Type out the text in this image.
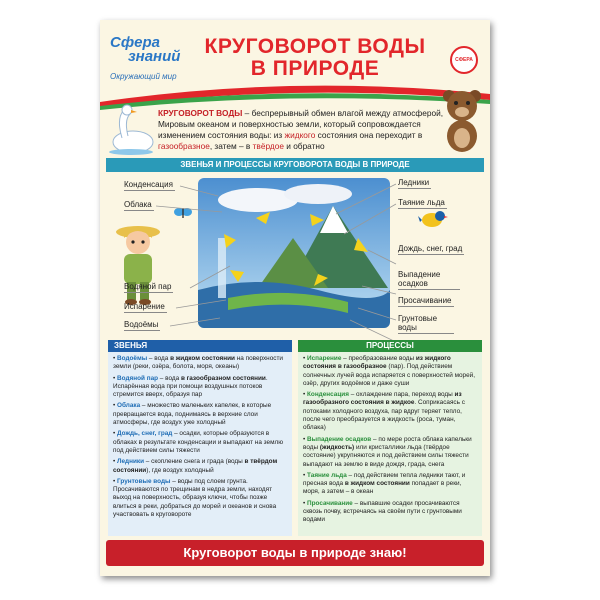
Сфера
знаний
Окружающий мир
КРУГОВОРОТ ВОДЫ
В ПРИРОДЕ	СФЕРА
КРУГОВОРОТ ВОДЫ – беспрерывный обмен влагой между атмосферой, Мировым океаном и поверхностью земли, который сопровождается изменением состояния воды: из жидкого состояния она переходит в газообразное, затем – в твёрдое и обратно
ЗВЕНЬЯ И ПРОЦЕССЫ КРУГОВОРОТА ВОДЫ В ПРИРОДЕ
Конденсация
Облака
Водяной пар
Испарение
Водоёмы
Ледники
Таяние льда
Дождь, снег, град
Выпадение осадков
Просачивание
Грунтовые воды
ЗВЕНЬЯ

• Водоёмы – вода в жидком состоянии на поверхности земли (реки, озёра, болота, моря, океаны)

• Водяной пар – вода в газообразном состоянии. Испарённая вода при помощи воздушных потоков стремится вверх, образуя пар

• Облака – множество маленьких капелек, в которые превращается вода, поднимаясь в верхние слои атмосферы, где воздух уже холодный

• Дождь, снег, град – осадки, которые образуются в облаках в результате конденсации и выпадают на землю под действием силы тяжести

• Ледники – скопление снега и града (воды в твёрдом состоянии), где воздух холодный

• Грунтовые воды – воды под слоем грунта. Просачиваются по трещинам в недра земли, находят выход на поверхность, образуя ключи, чтобы позже влиться в реки, добраться до морей и океанов и снова участвовать в круговороте

ПРОЦЕССЫ

• Испарение – преобразование воды из жидкого состояния в газообразное (пар). Под действием солнечных лучей вода испаряется с поверхностей морей, озёр, других водоёмов и даже суши

• Конденсация – охлаждение пара, переход воды из газообразного состояния в жидкое. Соприкасаясь с потоками холодного воздуха, пар вдруг теряет тепло, после чего преобразуется в жидкость (роса, туман, облака)

• Выпадение осадков – по мере роста облака капельки воды (жидкость) или кристаллики льда (твёрдое состояние) укрупняются и под действием силы тяжести выпадают на землю в виде дождя, града, снега

• Таяние льда – под действием тепла ледники тают, и пресная вода в жидком состоянии попадает в реки, моря, а затем – в океан

• Просачивание – выпавшие осадки просачиваются сквозь почву, встречаясь на своём пути с грунтовыми водами

Круговорот воды в природе знаю!
